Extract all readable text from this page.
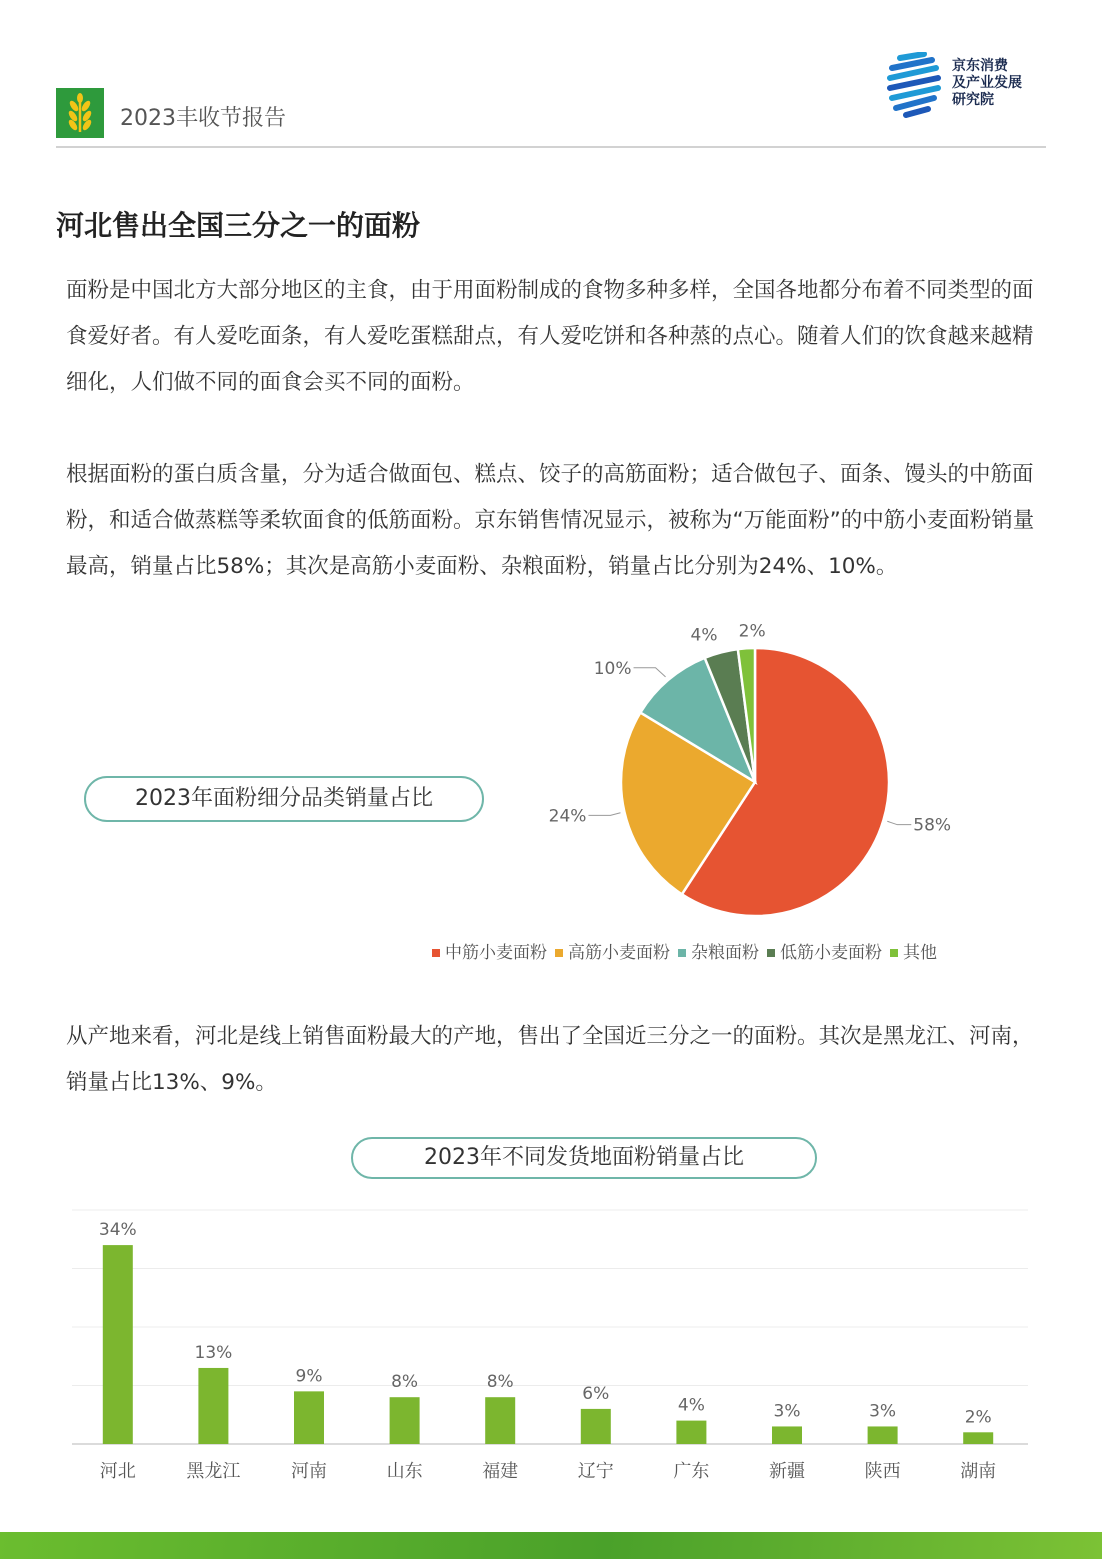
2023丰收节报告
京东消费
及产业发展
研究院
河北售出全国三分之一的面粉

面粉是中国北方大部分地区的主食，由于用面粉制成的食物多种多样，全国各地都分布着不同类型的面食爱好者。有人爱吃面条，有人爱吃蛋糕甜点，有人爱吃饼和各种蒸的点心。随着人们的饮食越来越精细化，人们做不同的面食会买不同的面粉。

根据面粉的蛋白质含量，分为适合做面包、糕点、饺子的高筋面粉；适合做包子、面条、馒头的中筋面粉，和适合做蒸糕等柔软面食的低筋面粉。京东销售情况显示，被称为“万能面粉”的中筋小麦面粉销量最高，销量占比58%；其次是高筋小麦面粉、杂粮面粉，销量占比分别为24%、10%。

2023年面粉细分品类销量占比
58%
24%
10%
4% 2%
中筋小麦面粉 高筋小麦面粉 杂粮面粉 低筋小麦面粉 其他

从产地来看，河北是线上销售面粉最大的产地，售出了全国近三分之一的面粉。其次是黑龙江、河南，销量占比13%、9%。

2023年不同发货地面粉销量占比
34%
河北
13%
黑龙江
9%
河南
8%
山东
8%
福建
6%
辽宁
4%
广东
3%
新疆
3%
陕西
2%
湖南
